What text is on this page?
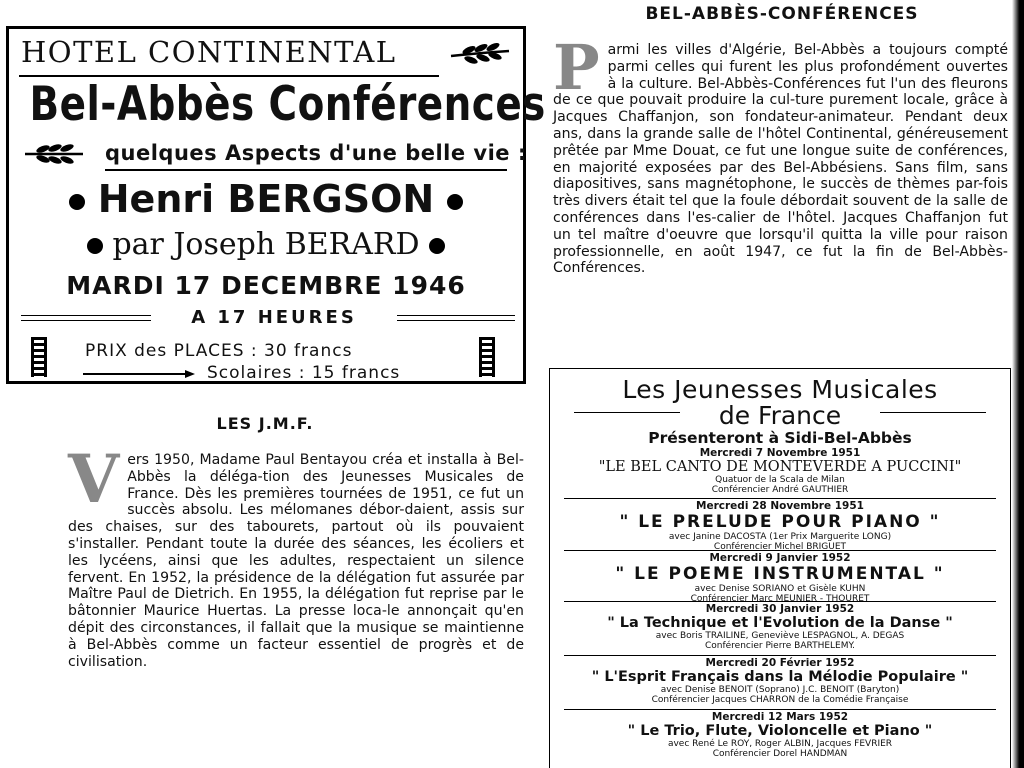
HOTEL CONTINENTAL
Bel-Abbès Conférences
quelques Aspects d'une belle vie :
Henri BERGSON
par Joseph BERARD
MARDI 17 DECEMBRE 1946
A 17 HEURES
PRIX des PLACES : 30 francs
Scolaires : 15 francs
BEL-ABBÈS-CONFÉRENCES
P armi les villes d'Algérie, Bel-Abbès a toujours compté parmi celles qui furent les plus profondément ouvertes à la culture. Bel-Abbès-Conférences fut l'un des fleurons de ce que pouvait produire la cul-ture purement locale, grâce à Jacques Chaffanjon, son fondateur-animateur. Pendant deux ans, dans la grande salle de l'hôtel Continental, généreusement prêtée par Mme Douat, ce fut une longue suite de conférences, en majorité exposées par des Bel-Abbésiens. Sans film, sans diapositives, sans magnétophone, le succès de thèmes par-fois très divers était tel que la foule débordait souvent de la salle de conférences dans l'es-calier de l'hôtel. Jacques Chaffanjon fut un tel maître d'oeuvre que lorsqu'il quitta la ville pour raison professionnelle, en août 1947, ce fut la fin de Bel-Abbès-Conférences.
LES J.M.F.
V ers 1950, Madame Paul Bentayou créa et installa à Bel-Abbès la déléga-tion des Jeunesses Musicales de France. Dès les premières tournées de 1951, ce fut un succès absolu. Les mélomanes débor-daient, assis sur des chaises, sur des tabourets, partout où ils pouvaient s'installer. Pendant toute la durée des séances, les écoliers et les lycéens, ainsi que les adultes, respectaient un silence fervent. En 1952, la présidence de la délégation fut assurée par Maître Paul de Dietrich. En 1955, la délégation fut reprise par le bâtonnier Maurice Huertas. La presse loca-le annonçait qu'en dépit des circonstances, il fallait que la musique se maintienne à Bel-Abbès comme un facteur essentiel de progrès et de civilisation.
Les Jeunesses Musicales
de France
Présenteront à Sidi-Bel-Abbès
Mercredi 7 Novembre 1951
"LE BEL CANTO DE MONTEVERDE A PUCCINI"
Quatuor de la Scala de Milan
Conférencier André GAUTHIER
Mercredi 28 Novembre 1951
" LE PRELUDE POUR PIANO "
avec Janine DACOSTA (1er Prix Marguerite LONG)
Conférencier Michel BRIGUET
Mercredi 9 Janvier 1952
" LE POEME INSTRUMENTAL "
avec Denise SORIANO et Gisèle KUHN
Conférencier Marc MEUNIER - THOURET
Mercredi 30 Janvier 1952
" La Technique et l'Evolution de la Danse "
avec Boris TRAILINE, Geneviève LESPAGNOL, A. DEGAS
Conférencier Pierre BARTHELEMY.
Mercredi 20 Février 1952
" L'Esprit Français dans la Mélodie Populaire "
avec Denise BENOIT (Soprano) J.C. BENOIT (Baryton)
Conférencier Jacques CHARRON de la Comédie Française
Mercredi 12 Mars 1952
" Le Trio, Flute, Violoncelle et Piano "
avec René Le ROY, Roger ALBIN, Jacques FEVRIER
Conférencier Dorel HANDMAN
